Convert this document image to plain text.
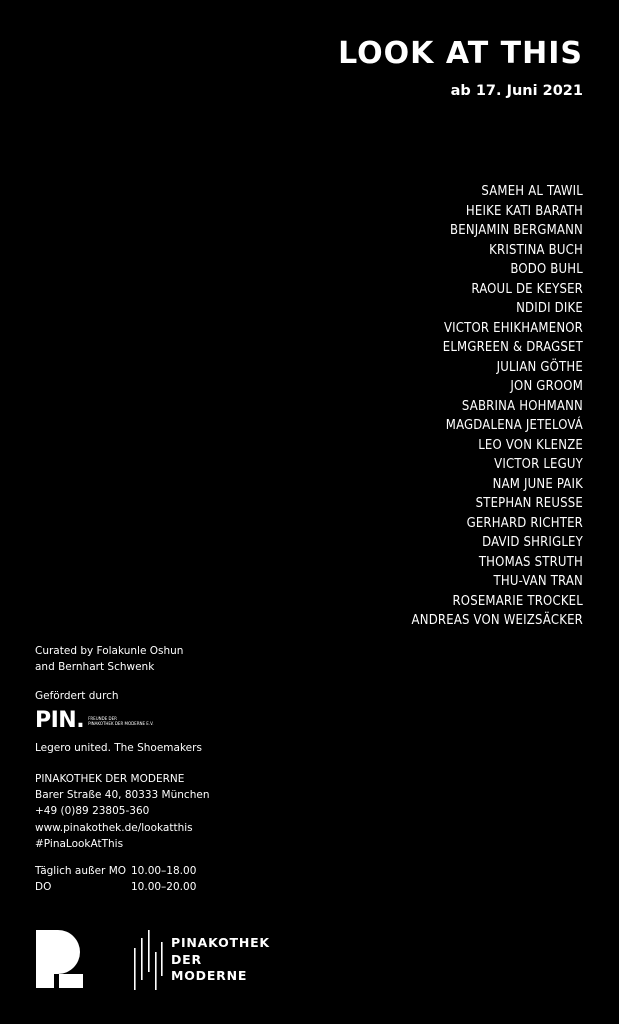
LOOK AT THIS
ab 17. Juni 2021
SAMEH AL TAWIL
HEIKE KATI BARATH
BENJAMIN BERGMANN
KRISTINA BUCH
BODO BUHL
RAOUL DE KEYSER
NDIDI DIKE
VICTOR EHIKHAMENOR
ELMGREEN & DRAGSET
JULIAN GÖTHE
JON GROOM
SABRINA HOHMANN
MAGDALENA JETELOVÁ
LEO VON KLENZE
VICTOR LEGUY
NAM JUNE PAIK
STEPHAN REUSSE
GERHARD RICHTER
DAVID SHRIGLEY
THOMAS STRUTH
THU-VAN TRAN
ROSEMARIE TROCKEL
ANDREAS VON WEIZSÄCKER
Curated by Folakunle Oshun
and Bernhart Schwenk
Gefördert durch
PIN. FREUNDE DER
PINAKOTHEK DER MODERNE E.V.
Legero united. The Shoemakers
PINAKOTHEK DER MODERNE
Barer Straße 40, 80333 München
+49 (0)89 23805-360
www.pinakothek.de/lookatthis
#PinaLookAtThis
Täglich außer MO 10.00–18.00
DO	10.00–20.00
PINAKOTHEK
DER
MODERNE
